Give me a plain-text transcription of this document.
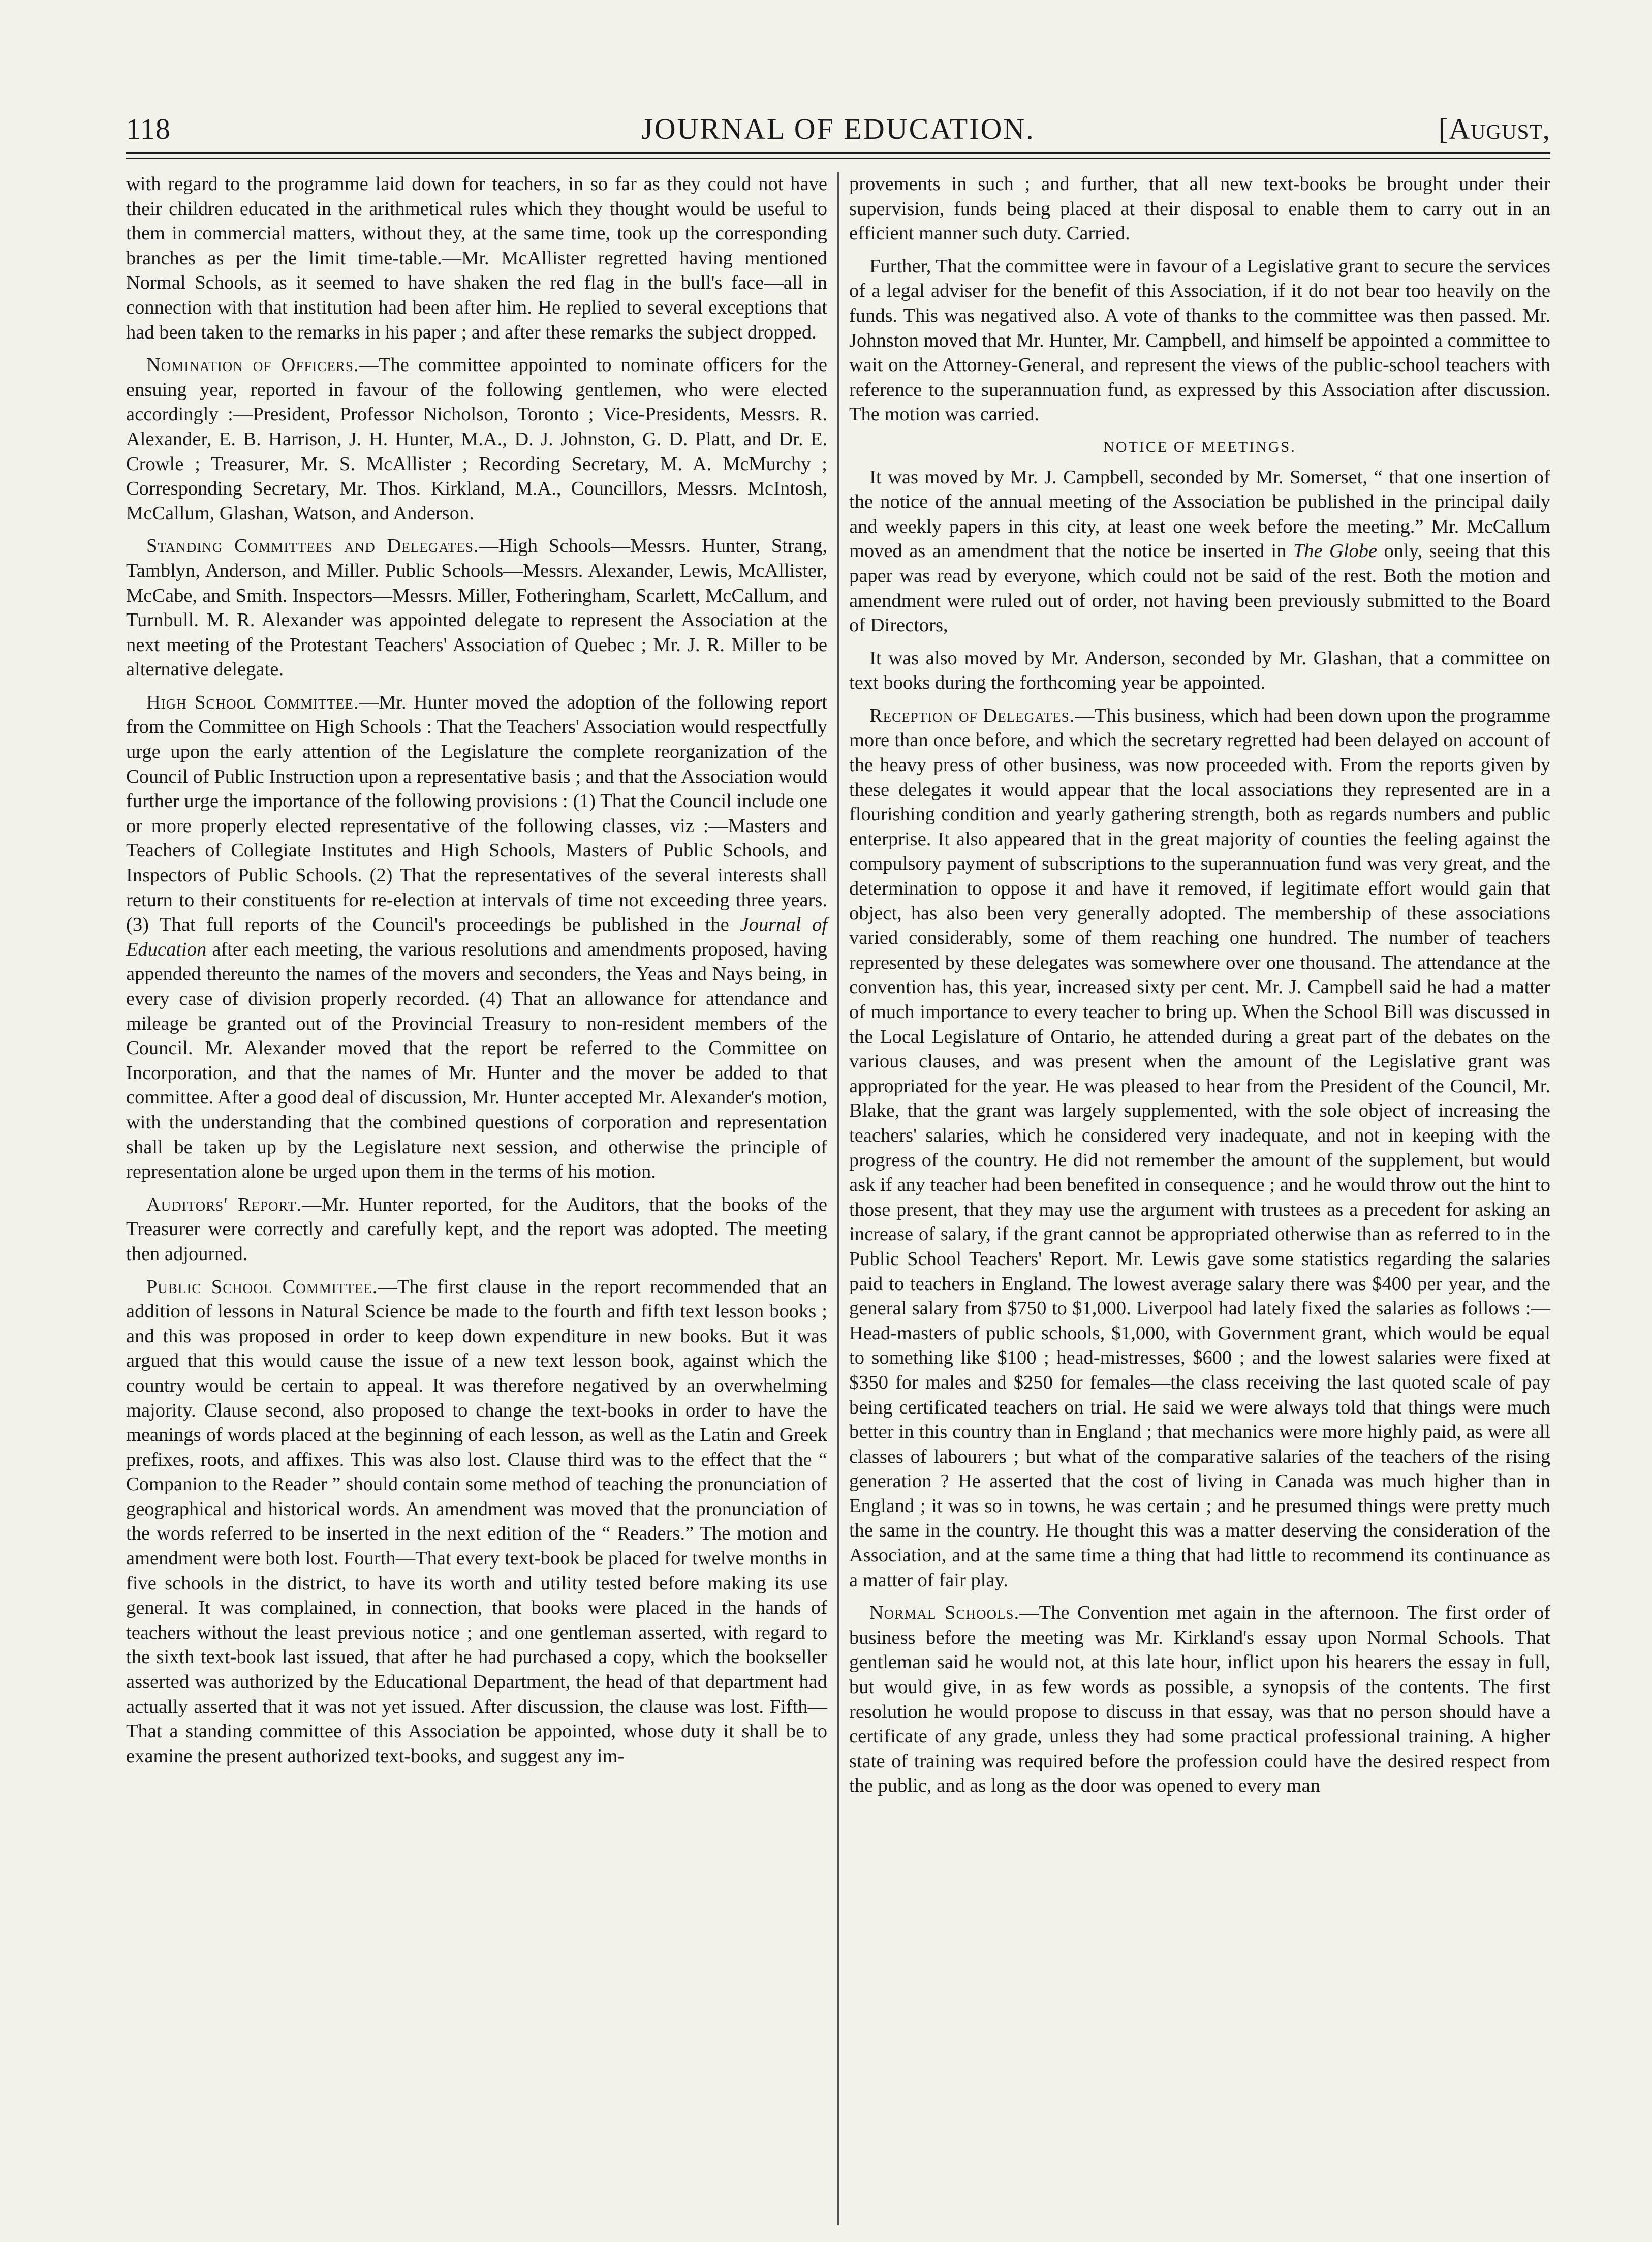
118	JOURNAL OF EDUCATION.	[August,

with regard to the programme laid down for teachers, in so far as they could not have their children educated in the arithmetical rules which they thought would be useful to them in commercial matters, without they, at the same time, took up the corresponding branches as per the limit time-table.—Mr. McAllister regretted having mentioned Normal Schools, as it seemed to have shaken the red flag in the bull's face—all in connection with that institution had been after him. He replied to several exceptions that had been taken to the remarks in his paper ; and after these remarks the subject dropped.

Nomination of Officers.—The committee appointed to nominate officers for the ensuing year, reported in favour of the following gentlemen, who were elected accordingly :—President, Professor Nicholson, Toronto ; Vice-Presidents, Messrs. R. Alexander, E. B. Harrison, J. H. Hunter, M.A., D. J. Johnston, G. D. Platt, and Dr. E. Crowle ; Treasurer, Mr. S. McAllister ; Recording Secretary, M. A. McMurchy ; Corresponding Secretary, Mr. Thos. Kirkland, M.A., Councillors, Messrs. McIntosh, McCallum, Glashan, Watson, and Anderson.

Standing Committees and Delegates.—High Schools—Messrs. Hunter, Strang, Tamblyn, Anderson, and Miller. Public Schools—Messrs. Alexander, Lewis, McAllister, McCabe, and Smith. Inspectors—Messrs. Miller, Fotheringham, Scarlett, McCallum, and Turnbull. M. R. Alexander was appointed delegate to represent the Association at the next meeting of the Protestant Teachers' Association of Quebec ; Mr. J. R. Miller to be alternative delegate.

High School Committee.—Mr. Hunter moved the adoption of the following report from the Committee on High Schools : That the Teachers' Association would respectfully urge upon the early attention of the Legislature the complete reorganization of the Council of Public Instruction upon a representative basis ; and that the Association would further urge the importance of the following provisions : (1) That the Council include one or more properly elected representative of the following classes, viz :—Masters and Teachers of Collegiate Institutes and High Schools, Masters of Public Schools, and Inspectors of Public Schools. (2) That the representatives of the several interests shall return to their constituents for re-election at intervals of time not exceeding three years. (3) That full reports of the Council's proceedings be published in the Journal of Education after each meeting, the various resolutions and amendments proposed, having appended thereunto the names of the movers and seconders, the Yeas and Nays being, in every case of division properly recorded. (4) That an allowance for attendance and mileage be granted out of the Provincial Treasury to non-resident members of the Council. Mr. Alexander moved that the report be referred to the Committee on Incorporation, and that the names of Mr. Hunter and the mover be added to that committee. After a good deal of discussion, Mr. Hunter accepted Mr. Alexander's motion, with the understanding that the combined questions of corporation and representation shall be taken up by the Legislature next session, and otherwise the principle of representation alone be urged upon them in the terms of his motion.

Auditors' Report.—Mr. Hunter reported, for the Auditors, that the books of the Treasurer were correctly and carefully kept, and the report was adopted. The meeting then adjourned.

Public School Committee.—The first clause in the report recommended that an addition of lessons in Natural Science be made to the fourth and fifth text lesson books ; and this was proposed in order to keep down expenditure in new books. But it was argued that this would cause the issue of a new text lesson book, against which the country would be certain to appeal. It was therefore negatived by an overwhelming majority. Clause second, also proposed to change the text-books in order to have the meanings of words placed at the beginning of each lesson, as well as the Latin and Greek prefixes, roots, and affixes. This was also lost. Clause third was to the effect that the “ Companion to the Reader ” should contain some method of teaching the pronunciation of geographical and historical words. An amendment was moved that the pronunciation of the words referred to be inserted in the next edition of the “ Readers.” The motion and amendment were both lost. Fourth—That every text-book be placed for twelve months in five schools in the district, to have its worth and utility tested before making its use general. It was complained, in connection, that books were placed in the hands of teachers without the least previous notice ; and one gentleman asserted, with regard to the sixth text-book last issued, that after he had purchased a copy, which the bookseller asserted was authorized by the Educational Department, the head of that department had actually asserted that it was not yet issued. After discussion, the clause was lost. Fifth—That a standing committee of this Association be appointed, whose duty it shall be to examine the present authorized text-books, and suggest any im-

provements in such ; and further, that all new text-books be brought under their supervision, funds being placed at their disposal to enable them to carry out in an efficient manner such duty. Carried.

Further, That the committee were in favour of a Legislative grant to secure the services of a legal adviser for the benefit of this Association, if it do not bear too heavily on the funds. This was negatived also. A vote of thanks to the committee was then passed. Mr. Johnston moved that Mr. Hunter, Mr. Campbell, and himself be appointed a committee to wait on the Attorney-General, and represent the views of the public-school teachers with reference to the superannuation fund, as expressed by this Association after discussion. The motion was carried.

NOTICE OF MEETINGS.

It was moved by Mr. J. Campbell, seconded by Mr. Somerset, “ that one insertion of the notice of the annual meeting of the Association be published in the principal daily and weekly papers in this city, at least one week before the meeting.” Mr. McCallum moved as an amendment that the notice be inserted in The Globe only, seeing that this paper was read by everyone, which could not be said of the rest. Both the motion and amendment were ruled out of order, not having been previously submitted to the Board of Directors,

It was also moved by Mr. Anderson, seconded by Mr. Glashan, that a committee on text books during the forthcoming year be appointed.

Reception of Delegates.—This business, which had been down upon the programme more than once before, and which the secretary regretted had been delayed on account of the heavy press of other business, was now proceeded with. From the reports given by these delegates it would appear that the local associations they represented are in a flourishing condition and yearly gathering strength, both as regards numbers and public enterprise. It also appeared that in the great majority of counties the feeling against the compulsory payment of subscriptions to the superannuation fund was very great, and the determination to oppose it and have it removed, if legitimate effort would gain that object, has also been very generally adopted. The membership of these associations varied considerably, some of them reaching one hundred. The number of teachers represented by these delegates was somewhere over one thousand. The attendance at the convention has, this year, increased sixty per cent. Mr. J. Campbell said he had a matter of much importance to every teacher to bring up. When the School Bill was discussed in the Local Legislature of Ontario, he attended during a great part of the debates on the various clauses, and was present when the amount of the Legislative grant was appropriated for the year. He was pleased to hear from the President of the Council, Mr. Blake, that the grant was largely supplemented, with the sole object of increasing the teachers' salaries, which he considered very inadequate, and not in keeping with the progress of the country. He did not remember the amount of the supplement, but would ask if any teacher had been benefited in consequence ; and he would throw out the hint to those present, that they may use the argument with trustees as a precedent for asking an increase of salary, if the grant cannot be appropriated otherwise than as referred to in the Public School Teachers' Report. Mr. Lewis gave some statistics regarding the salaries paid to teachers in England. The lowest average salary there was $400 per year, and the general salary from $750 to $1,000. Liverpool had lately fixed the salaries as follows :—Head-masters of public schools, $1,000, with Government grant, which would be equal to something like $100 ; head-mistresses, $600 ; and the lowest salaries were fixed at $350 for males and $250 for females—the class receiving the last quoted scale of pay being certificated teachers on trial. He said we were always told that things were much better in this country than in England ; that mechanics were more highly paid, as were all classes of labourers ; but what of the comparative salaries of the teachers of the rising generation ? He asserted that the cost of living in Canada was much higher than in England ; it was so in towns, he was certain ; and he presumed things were pretty much the same in the country. He thought this was a matter deserving the consideration of the Association, and at the same time a thing that had little to recommend its continuance as a matter of fair play.

Normal Schools.—The Convention met again in the afternoon. The first order of business before the meeting was Mr. Kirkland's essay upon Normal Schools. That gentleman said he would not, at this late hour, inflict upon his hearers the essay in full, but would give, in as few words as possible, a synopsis of the contents. The first resolution he would propose to discuss in that essay, was that no person should have a certificate of any grade, unless they had some practical professional training. A higher state of training was required before the profession could have the desired respect from the public, and as long as the door was opened to every man
